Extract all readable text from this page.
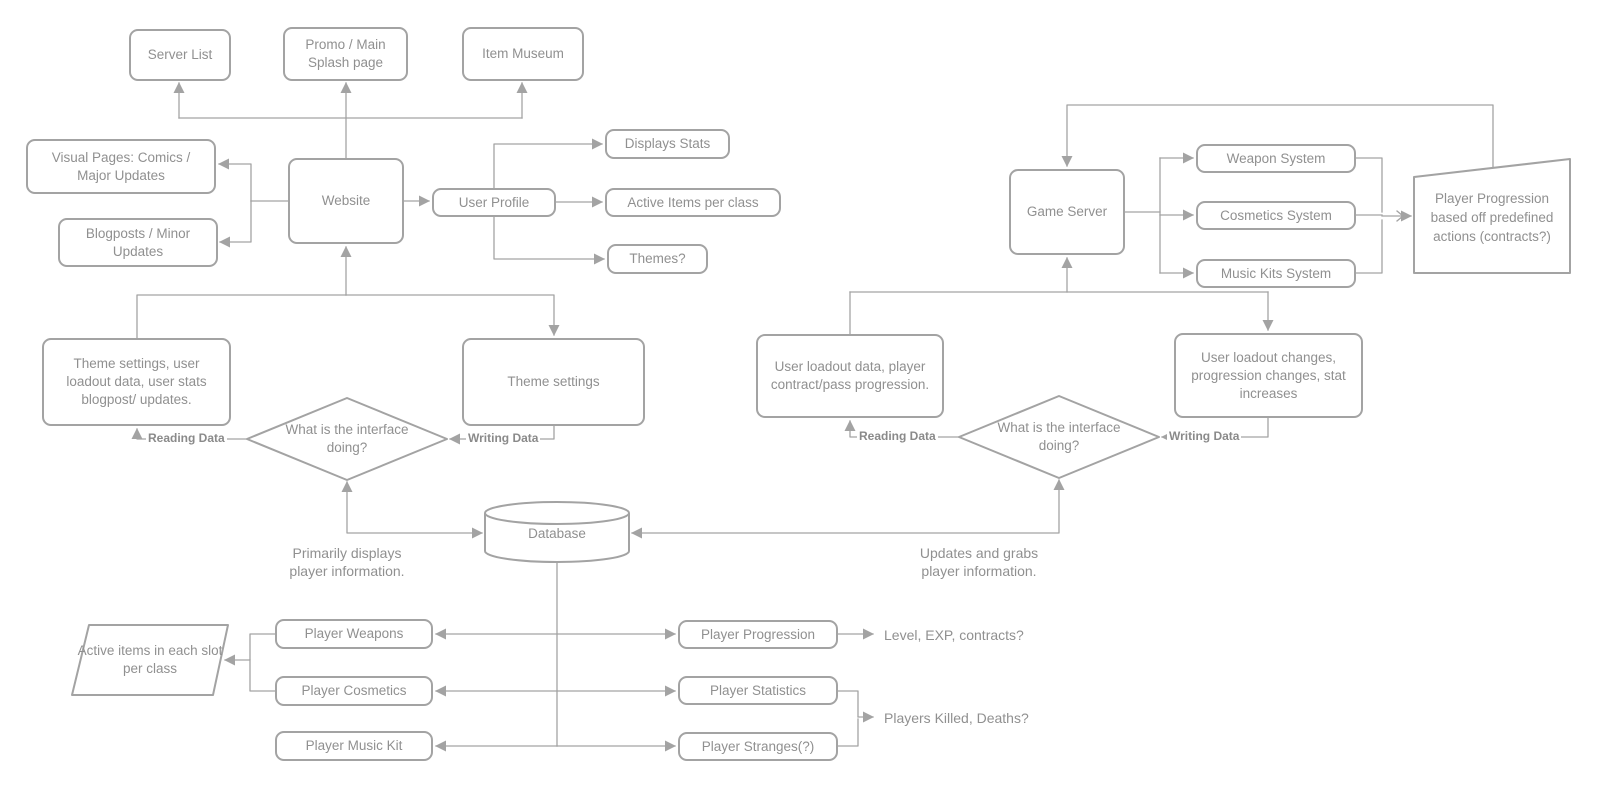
Server List
Promo / Main Splash page
Item Museum
Website
Visual Pages: Comics / Major Updates
Blogposts / Minor Updates
User Profile
Displays Stats
Active Items per class
Themes?
Game Server
Weapon System
Cosmetics System
Music Kits System
Theme settings, user loadout data, user stats blogpost/ updates.
Theme settings
User loadout data, player contract/pass progression.
User loadout changes, progression changes, stat increases
Player Weapons
Player Cosmetics
Player Music Kit
Player Progression
Player Statistics
Player Stranges(?)
What is the interface doing?
What is the interface doing?
Database
Active items in each slot per class
Player Progression based off predefined actions (contracts?)
Reading Data	Writing Data	Reading Data	Writing Data
Primarily displays player information.
Updates and grabs player information.
Level, EXP, contracts?
Players Killed, Deaths?
